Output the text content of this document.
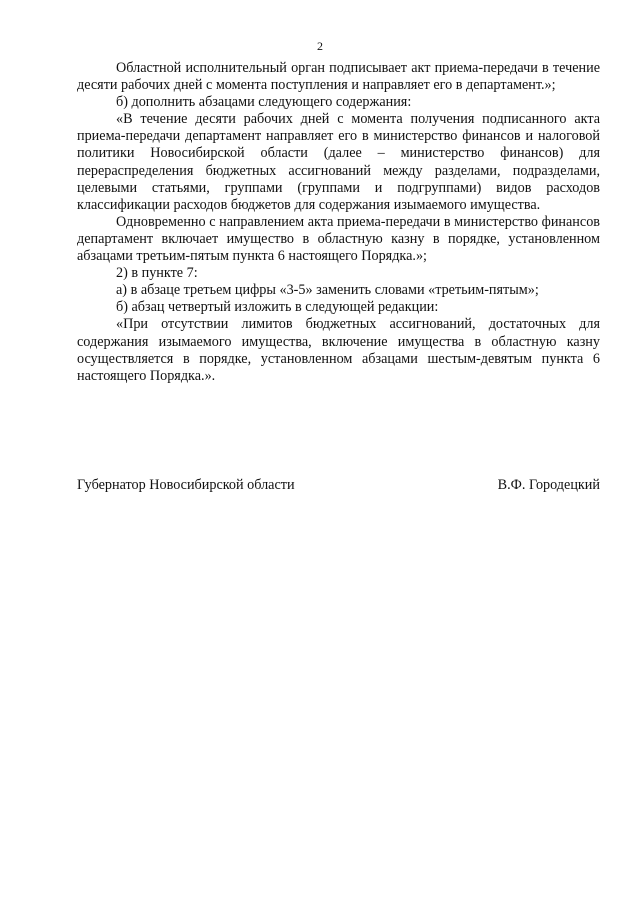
2

Областной исполнительный орган подписывает акт приема-передачи в течение десяти рабочих дней с момента поступления и направляет его в департамент.»;

б) дополнить абзацами следующего содержания:

«В течение десяти рабочих дней с момента получения подписанного акта приема-передачи департамент направляет его в министерство финансов и налоговой политики Новосибирской области (далее – министерство финансов) для перераспределения бюджетных ассигнований между разделами, подразделами, целевыми статьями, группами (группами и подгруппами) видов расходов классификации расходов бюджетов для содержания изымаемого имущества.

Одновременно с направлением акта приема-передачи в министерство финансов департамент включает имущество в областную казну в порядке, установленном абзацами третьим-пятым пункта 6 настоящего Порядка.»;

2) в пункте 7:

а) в абзаце третьем цифры «3-5» заменить словами «третьим-пятым»;

б) абзац четвертый изложить в следующей редакции:

«При отсутствии лимитов бюджетных ассигнований, достаточных для содержания изымаемого имущества, включение имущества в областную казну осуществляется в порядке, установленном абзацами шестым-девятым пункта 6 настоящего Порядка.».

Губернатор Новосибирской области	В.Ф. Городецкий
